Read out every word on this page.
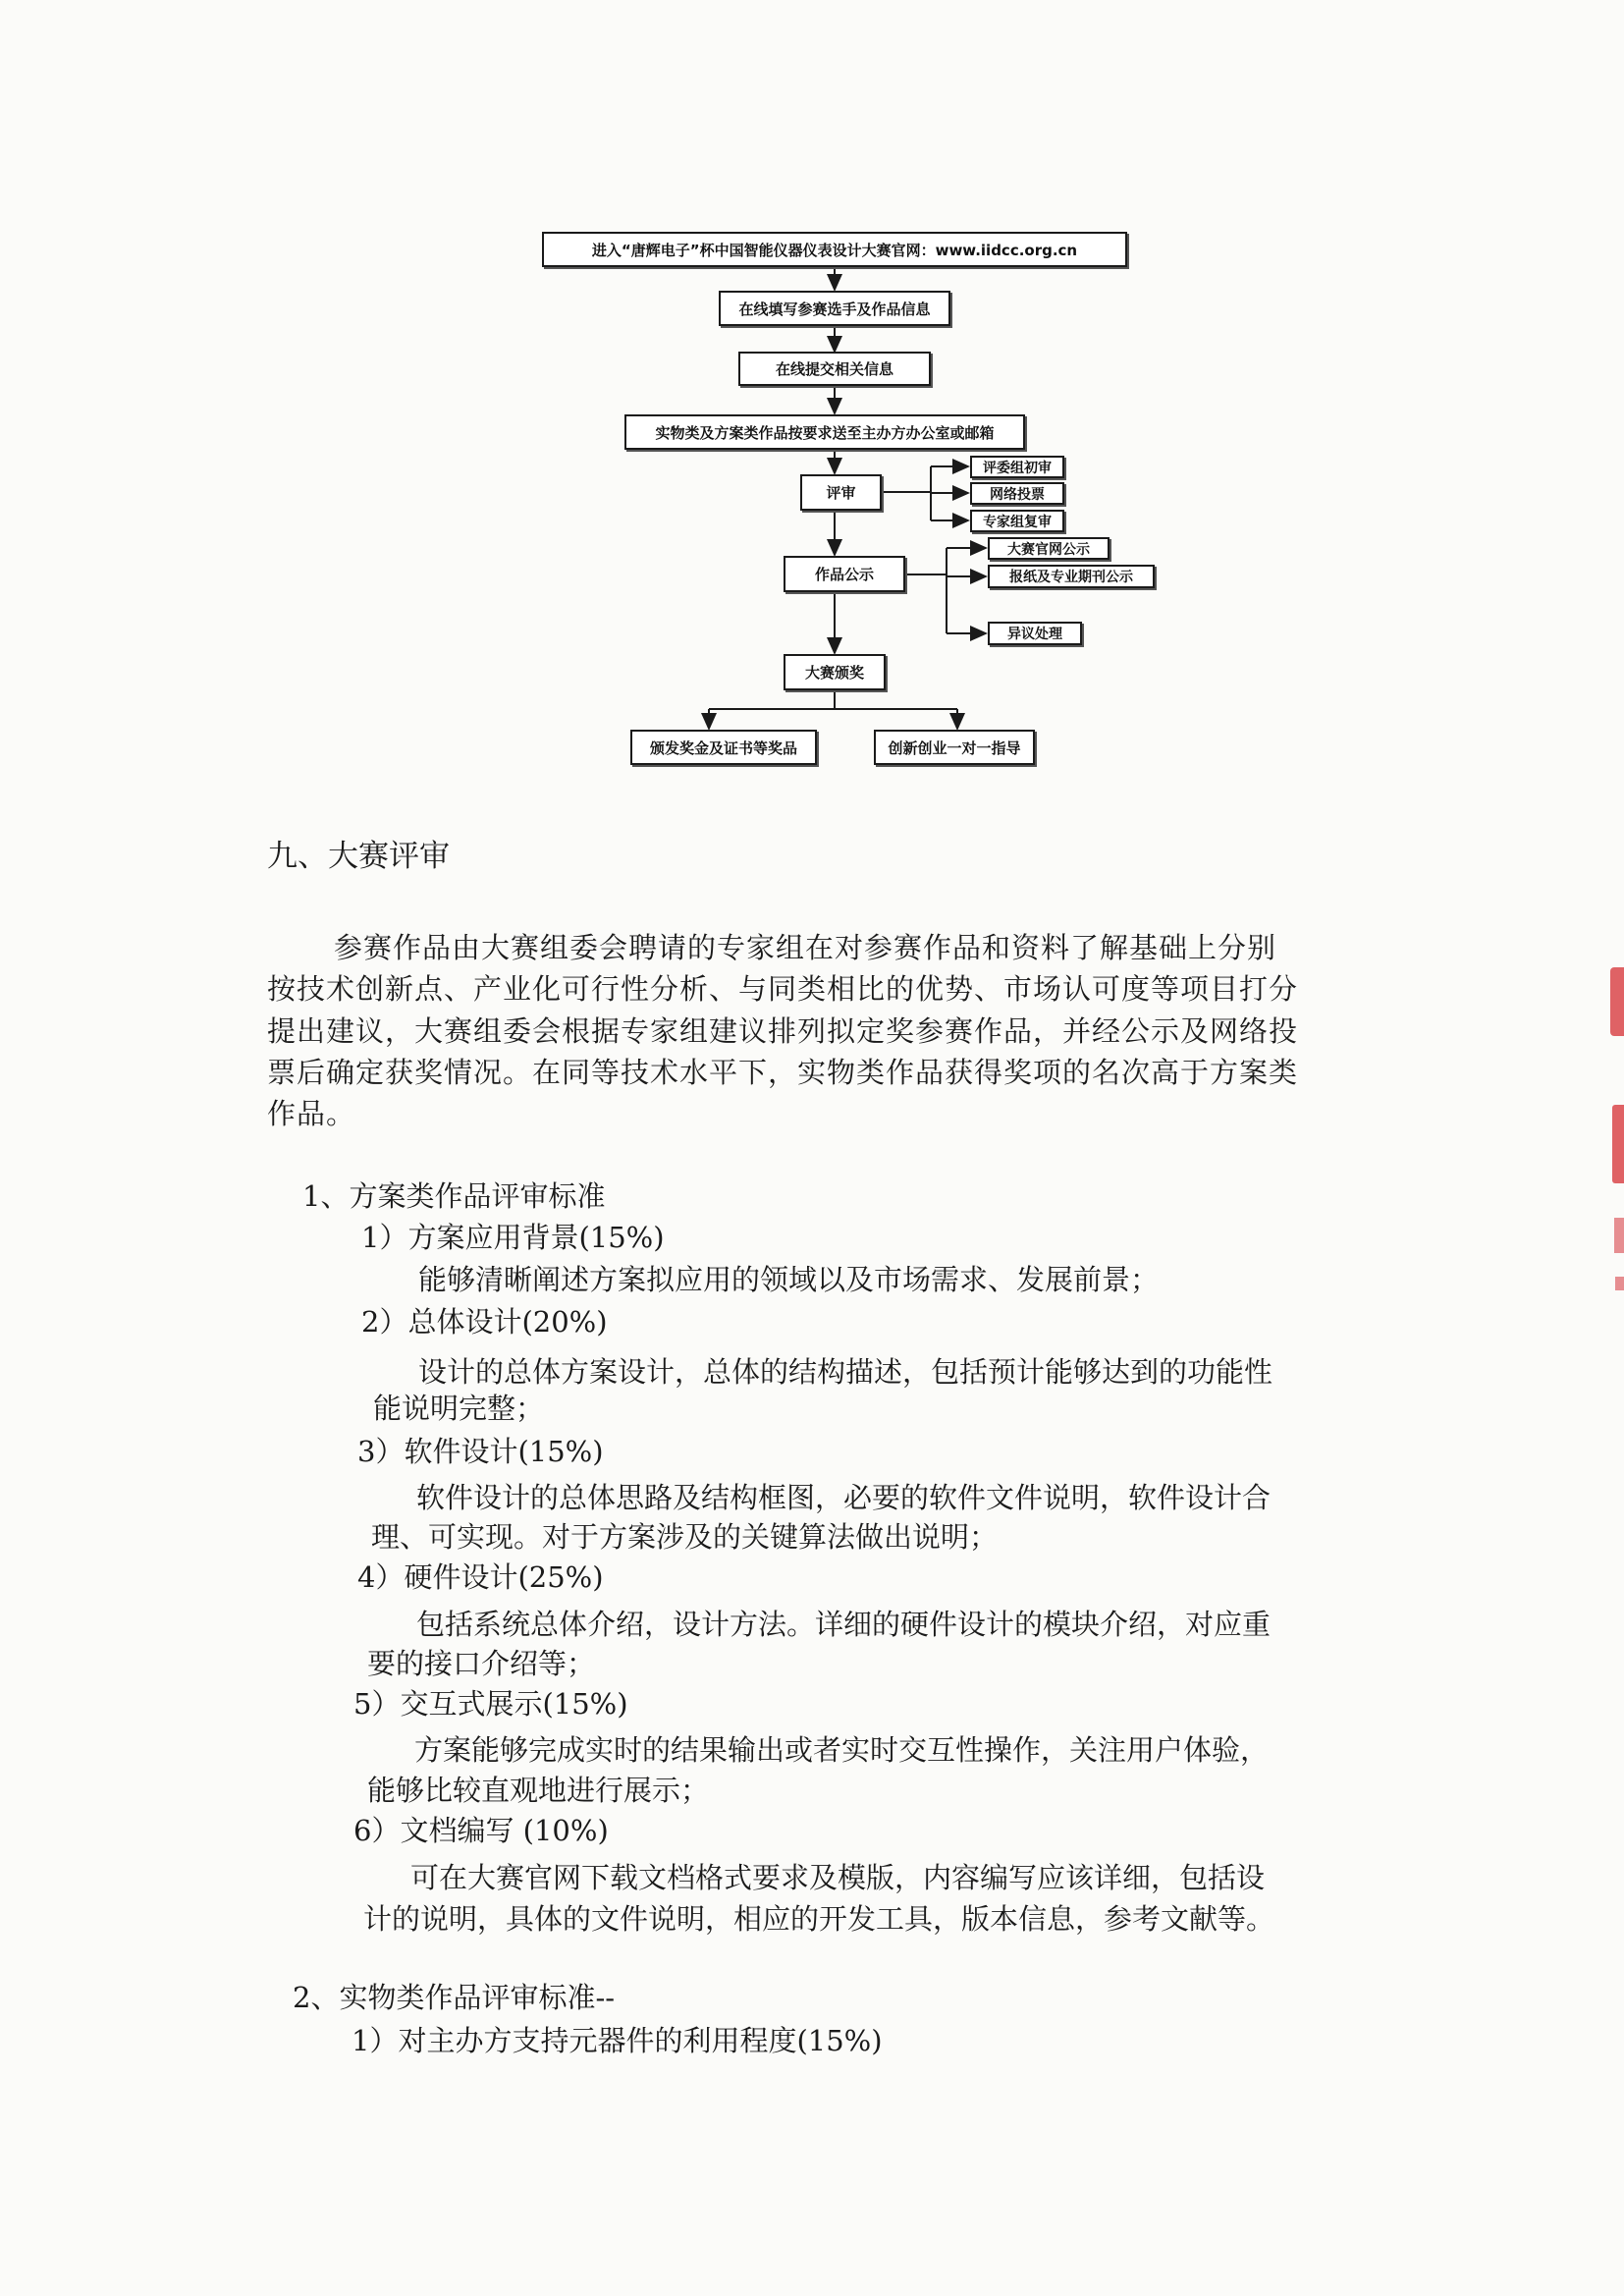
进入“唐辉电子”杯中国智能仪器仪表设计大赛官网：www.iidcc.org.cn
在线填写参赛选手及作品信息
在线提交相关信息
实物类及方案类作品按要求送至主办方办公室或邮箱
评审
评委组初审
网络投票
专家组复审
作品公示
大赛官网公示
报纸及专业期刊公示
异议处理
大赛颁奖
颁发奖金及证书等奖品	创新创业一对一指导
九、大赛评审
参赛作品由大赛组委会聘请的专家组在对参赛作品和资料了解基础上分别
按技术创新点、产业化可行性分析、与同类相比的优势、市场认可度等项目打分
提出建议，大赛组委会根据专家组建议排列拟定奖参赛作品，并经公示及网络投
票后确定获奖情况。在同等技术水平下，实物类作品获得奖项的名次高于方案类
作品。
1、方案类作品评审标准
1）方案应用背景(15%)
能够清晰阐述方案拟应用的领域以及市场需求、发展前景；
2）总体设计(20%)
设计的总体方案设计，总体的结构描述，包括预计能够达到的功能性
能说明完整；
3）软件设计(15%)
软件设计的总体思路及结构框图，必要的软件文件说明，软件设计合
理、可实现。对于方案涉及的关键算法做出说明；
4）硬件设计(25%)
包括系统总体介绍，设计方法。详细的硬件设计的模块介绍，对应重
要的接口介绍等；
5）交互式展示(15%)
方案能够完成实时的结果输出或者实时交互性操作，关注用户体验，
能够比较直观地进行展示；
6）文档编写 (10%)
可在大赛官网下载文档格式要求及模版，内容编写应该详细，包括设
计的说明，具体的文件说明，相应的开发工具，版本信息，参考文献等。
2、实物类作品评审标准--
1）对主办方支持元器件的利用程度(15%)
